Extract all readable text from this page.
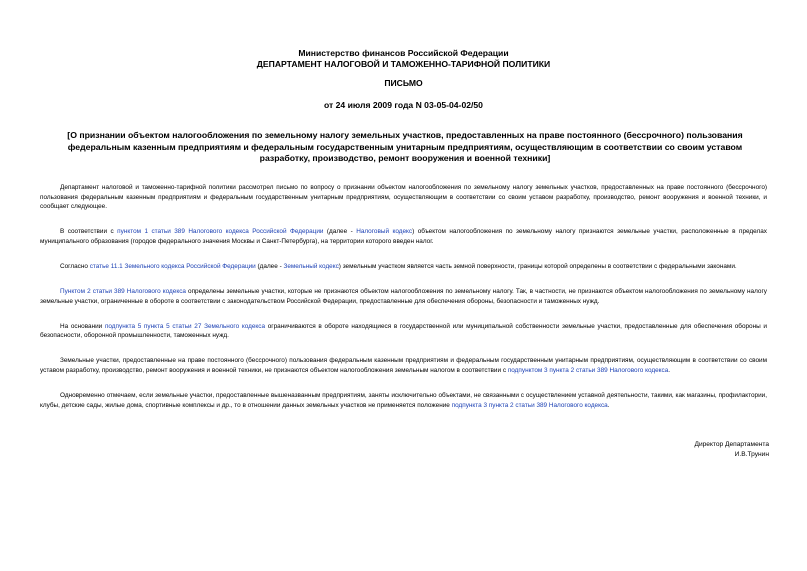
Министерство финансов Российской Федерации
ДЕПАРТАМЕНТ НАЛОГОВОЙ И ТАМОЖЕННО-ТАРИФНОЙ ПОЛИТИКИ
ПИСЬМО
от 24 июля 2009 года N 03-05-04-02/50
[О признании объектом налогообложения по земельному налогу земельных участков, предоставленных на праве постоянного (бессрочного) пользования федеральным казенным предприятиям и федеральным государственным унитарным предприятиям, осуществляющим в соответствии со своим уставом разработку, производство, ремонт вооружения и военной техники]

Департамент налоговой и таможенно-тарифной политики рассмотрел письмо по вопросу о признании объектом налогообложения по земельному налогу земельных участков, предоставленных на праве постоянного (бессрочного) пользования федеральным казенным предприятиям и федеральным государственным унитарным предприятиям, осуществляющим в соответствии со своим уставом разработку, производство, ремонт вооружения и военной техники, и сообщает следующее.

В соответствии с пунктом 1 статьи 389 Налогового кодекса Российской Федерации (далее - Налоговый кодекс) объектом налогообложения по земельному налогу признаются земельные участки, расположенные в пределах муниципального образования (городов федерального значения Москвы и Санкт-Петербурга), на территории которого введен налог.

Согласно статье 11.1 Земельного кодекса Российской Федерации (далее - Земельный кодекс) земельным участком является часть земной поверхности, границы которой определены в соответствии с федеральными законами.

Пунктом 2 статьи 389 Налогового кодекса определены земельные участки, которые не признаются объектом налогообложения по земельному налогу. Так, в частности, не признаются объектом налогообложения по земельному налогу земельные участки, ограниченные в обороте в соответствии с законодательством Российской Федерации, предоставленные для обеспечения обороны, безопасности и таможенных нужд.

На основании подпункта 5 пункта 5 статьи 27 Земельного кодекса ограничиваются в обороте находящиеся в государственной или муниципальной собственности земельные участки, предоставленные для обеспечения обороны и безопасности, оборонной промышленности, таможенных нужд.

Земельные участки, предоставленные на праве постоянного (бессрочного) пользования федеральным казенным предприятиям и федеральным государственным унитарным предприятиям, осуществляющим в соответствии со своим уставом разработку, производство, ремонт вооружения и военной техники, не признаются объектом налогообложения земельным налогом в соответствии с подпунктом 3 пункта 2 статьи 389 Налогового кодекса.

Одновременно отмечаем, если земельные участки, предоставленные вышеназванным предприятиям, заняты исключительно объектами, не связанными с осуществлением уставной деятельности, такими, как магазины, профилактории, клубы, детские сады, жилые дома, спортивные комплексы и др., то в отношении данных земельных участков не применяется положение подпункта 3 пункта 2 статьи 389 Налогового кодекса.

Директор Департамента
И.В.Трунин
